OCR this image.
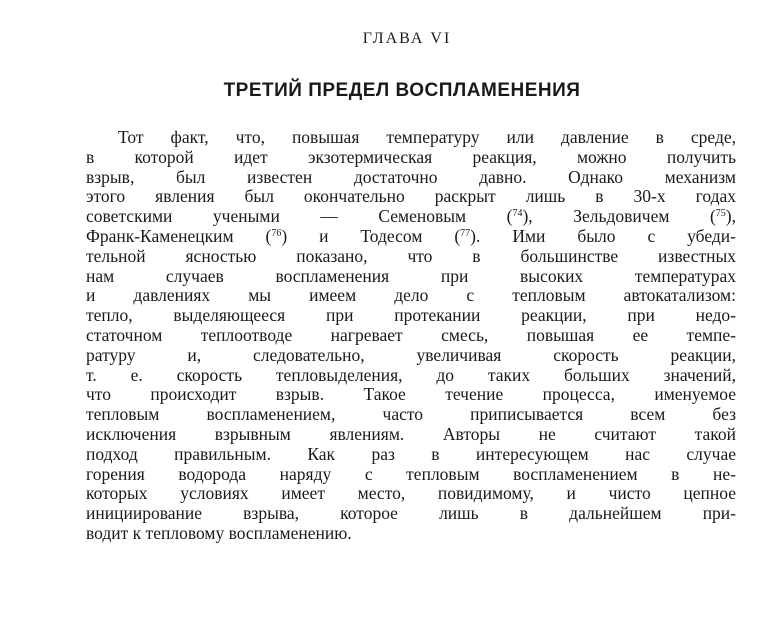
ГЛАВА VI
ТРЕТИЙ ПРЕДЕЛ ВОСПЛАМЕНЕНИЯ
Тот факт, что, повышая температуру или давление в среде,
в которой идет экзотермическая реакция, можно получить
взрыв, был известен достаточно давно. Однако механизм
этого явления был окончательно раскрыт лишь в 30-х годах
советскими учеными — Семеновым ($^{74}$), Зельдовичем ($^{75}$),
Франк-Каменецким ($^{76}$) и Тодесом ($^{77}$). Ими было с убеди-
тельной ясностью показано, что в большинстве известных
нам случаев воспламенения при высоких температурах
и давлениях мы имеем дело с тепловым автокатализом:
тепло, выделяющееся при протекании реакции, при недо-
статочном теплоотводе нагревает смесь, повышая ее темпе-
ратуру и, следовательно, увеличивая скорость реакции,
т. е. скорость тепловыделения, до таких больших значений,
что происходит взрыв. Такое течение процесса, именуемое
тепловым воспламенением, часто приписывается всем без
исключения взрывным явлениям. Авторы не считают такой
подход правильным. Как раз в интересующем нас случае
горения водорода наряду с тепловым воспламенением в не-
которых условиях имеет место, повидимому, и чисто цепное
инициирование взрыва, которое лишь в дальнейшем при-
водит к тепловому воспламенению.
